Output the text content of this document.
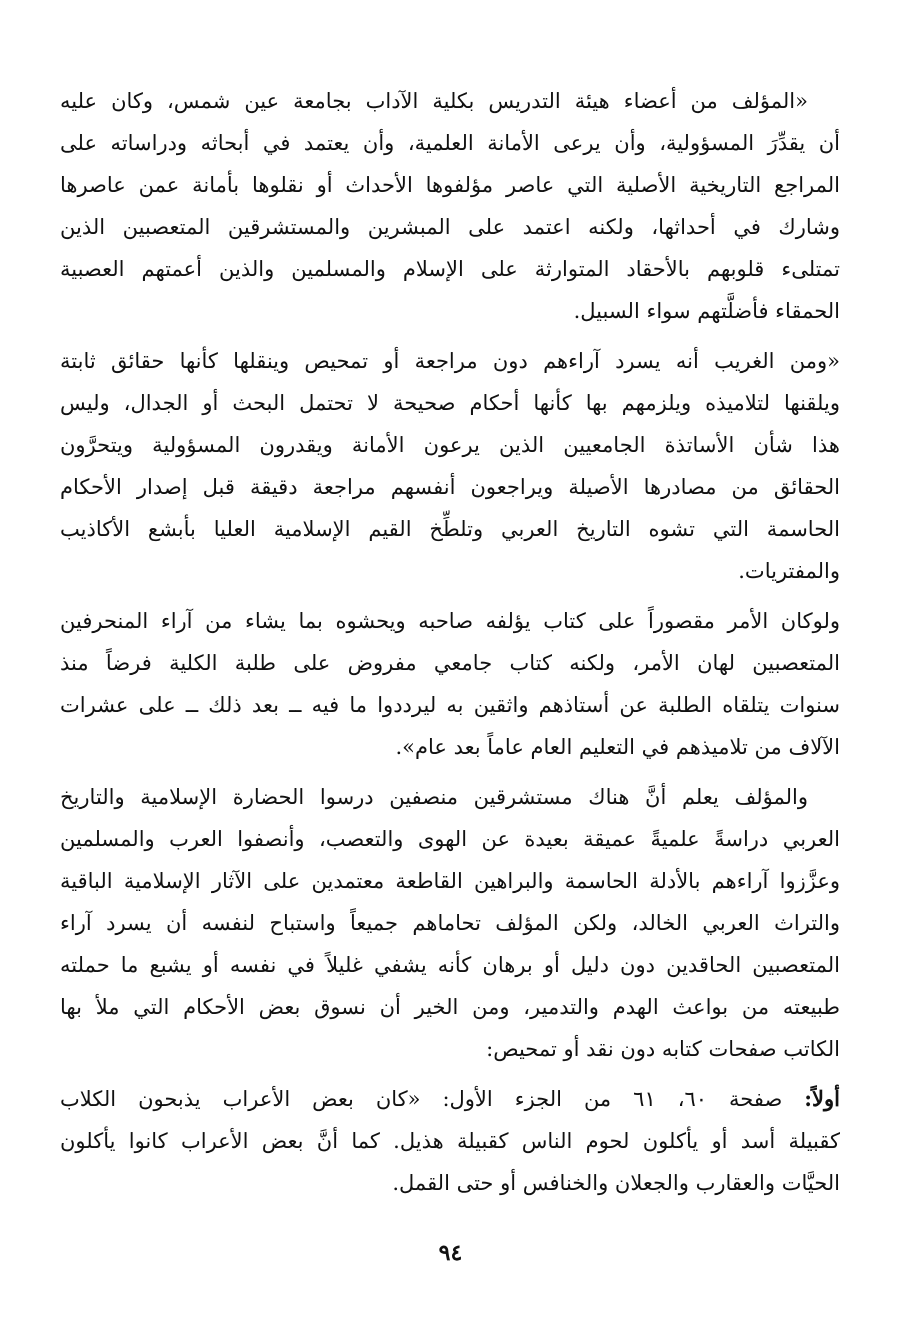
«المؤلف من أعضاء هيئة التدريس بكلية الآداب بجامعة عين شمس، وكان عليه
أن يقدِّرَ المسؤولية، وأن يرعى الأمانة العلمية، وأن يعتمد في أبحاثه ودراساته على
المراجع التاريخية الأصلية التي عاصر مؤلفوها الأحداث أو نقلوها بأمانة عمن عاصرها
وشارك في أحداثها، ولكنه اعتمد على المبشرين والمستشرقين المتعصبين الذين
تمتلىء قلوبهم بالأحقاد المتوارثة على الإسلام والمسلمين والذين أعمتهم العصبية
الحمقاء فأضلَّتهم سواء السبيل.
«ومن الغريب أنه يسرد آراءهم دون مراجعة أو تمحيص وينقلها كأنها حقائق ثابتة
ويلقنها لتلاميذه ويلزمهم بها كأنها أحكام صحيحة لا تحتمل البحث أو الجدال، وليس
هذا شأن الأساتذة الجامعيين الذين يرعون الأمانة ويقدرون المسؤولية ويتحرَّون
الحقائق من مصادرها الأصيلة ويراجعون أنفسهم مراجعة دقيقة قبل إصدار الأحكام
الحاسمة التي تشوه التاريخ العربي وتلطِّخ القيم الإسلامية العليا بأبشع الأكاذيب
والمفتريات.
ولوكان الأمر مقصوراً على كتاب يؤلفه صاحبه ويحشوه بما يشاء من آراء المنحرفين
المتعصبين لهان الأمر، ولكنه كتاب جامعي مفروض على طلبة الكلية فرضاً منذ
سنوات يتلقاه الطلبة عن أستاذهم واثقين به ليرددوا ما فيه ــ بعد ذلك ــ على عشرات
الآلاف من تلاميذهم في التعليم العام عاماً بعد عام».
والمؤلف يعلم أنَّ هناك مستشرقين منصفين درسوا الحضارة الإسلامية والتاريخ
العربي دراسةً علميةً عميقة بعيدة عن الهوى والتعصب، وأنصفوا العرب والمسلمين
وعزَّزوا آراءهم بالأدلة الحاسمة والبراهين القاطعة معتمدين على الآثار الإسلامية الباقية
والتراث العربي الخالد، ولكن المؤلف تحاماهم جميعاً واستباح لنفسه أن يسرد آراء
المتعصبين الحاقدين دون دليل أو برهان كأنه يشفي غليلاً في نفسه أو يشبع ما حملته
طبيعته من بواعث الهدم والتدمير، ومن الخير أن نسوق بعض الأحكام التي ملأ بها
الكاتب صفحات كتابه دون نقد أو تمحيص:
أولاً: صفحة ٦٠، ٦١ من الجزء الأول: «كان بعض الأعراب يذبحون الكلاب
كقبيلة أسد أو يأكلون لحوم الناس كقبيلة هذيل. كما أنَّ بعض الأعراب كانوا يأكلون
الحيَّات والعقارب والجعلان والخنافس أو حتى القمل.
٩٤
